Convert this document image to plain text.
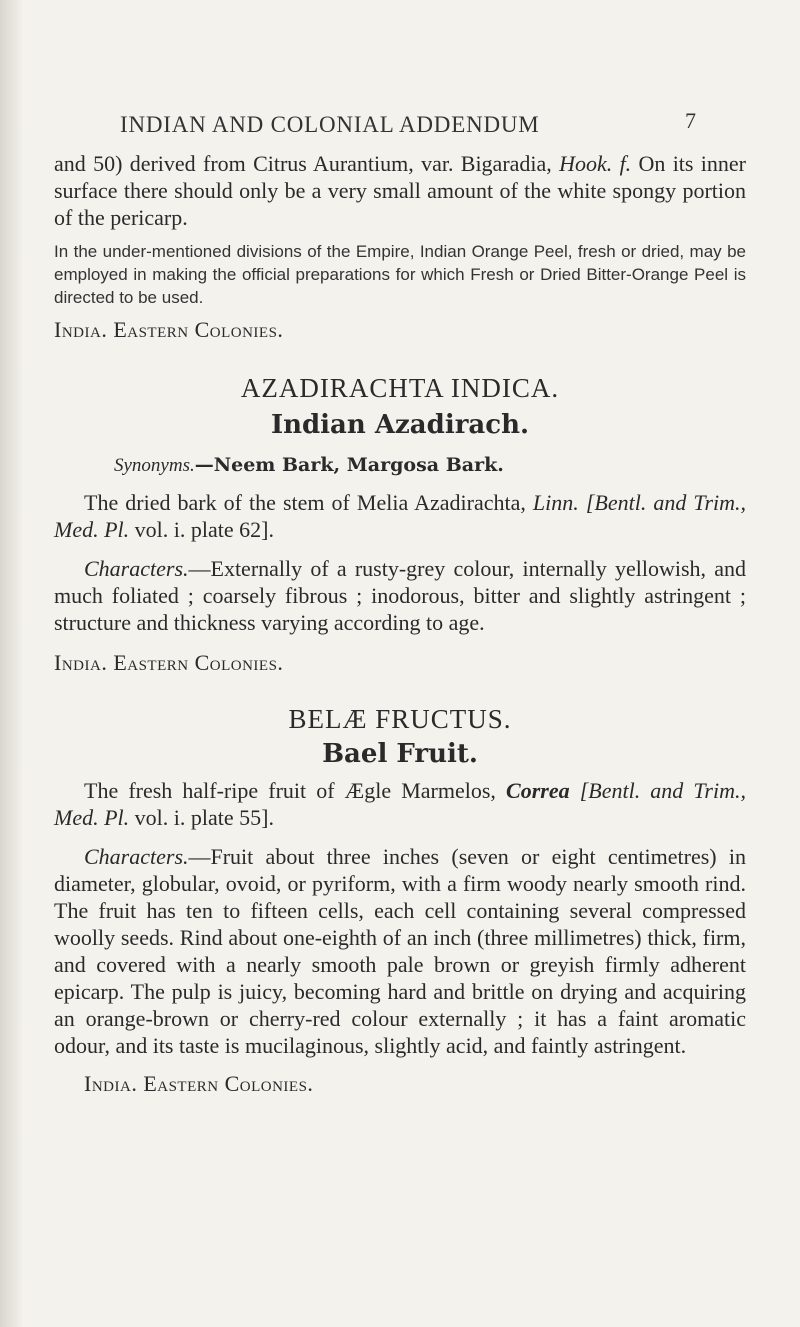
INDIAN AND COLONIAL ADDENDUM	7

and 50) derived from Citrus Aurantium, var. Bigaradia, Hook. f. On its inner surface there should only be a very small amount of the white spongy portion of the pericarp.

In the under-mentioned divisions of the Empire, Indian Orange Peel, fresh or dried, may be employed in making the official preparations for which Fresh or Dried Bitter-Orange Peel is directed to be used.

India. Eastern Colonies.

AZADIRACHTA INDICA.

Indian Azadirach.

Synonyms.—Neem Bark, Margosa Bark.

The dried bark of the stem of Melia Azadirachta, Linn. [Bentl. and Trim., Med. Pl. vol. i. plate 62].

Characters.—Externally of a rusty-grey colour, internally yellowish, and much foliated ; coarsely fibrous ; inodorous, bitter and slightly astringent ; structure and thickness varying according to age.

India. Eastern Colonies.

BELÆ FRUCTUS.

Bael Fruit.

The fresh half-ripe fruit of Ægle Marmelos, Correa [Bentl. and Trim., Med. Pl. vol. i. plate 55].

Characters.—Fruit about three inches (seven or eight centimetres) in diameter, globular, ovoid, or pyriform, with a firm woody nearly smooth rind. The fruit has ten to fifteen cells, each cell containing several compressed woolly seeds. Rind about one-eighth of an inch (three millimetres) thick, firm, and covered with a nearly smooth pale brown or greyish firmly adherent epicarp. The pulp is juicy, becoming hard and brittle on drying and acquiring an orange-brown or cherry-red colour externally ; it has a faint aromatic odour, and its taste is mucilaginous, slightly acid, and faintly astringent.

India. Eastern Colonies.
